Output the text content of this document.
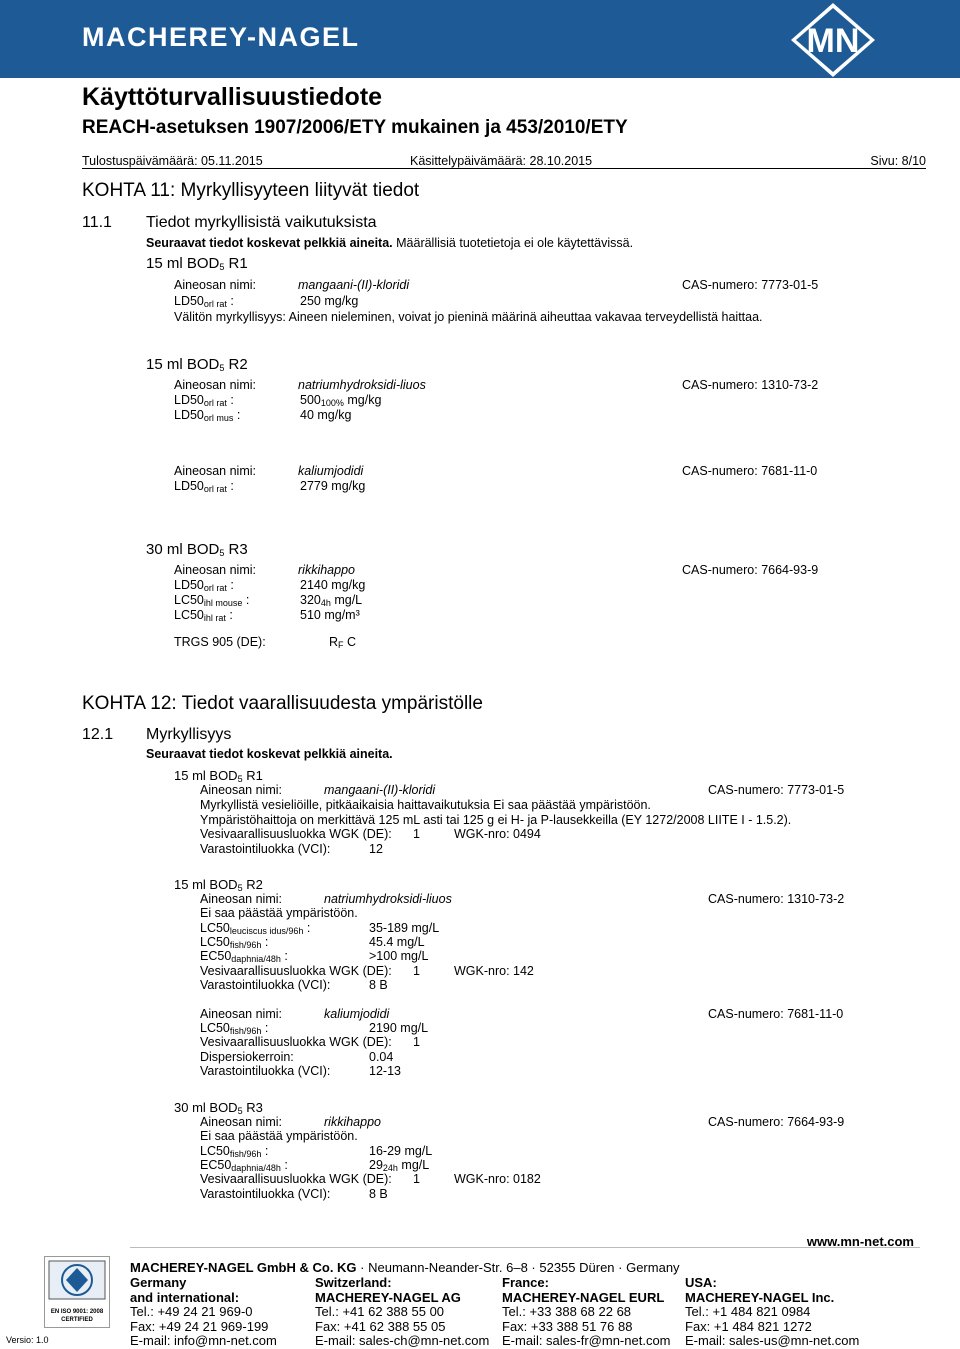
MACHEREY-NAGEL	MN
Käyttöturvallisuustiedote
REACH-asetuksen 1907/2006/ETY mukainen ja 453/2010/ETY
Tulostuspäivämäärä: 05.11.2015	Käsittelypäivämäärä: 28.10.2015	Sivu: 8/10
KOHTA 11: Myrkyllisyyteen liityvät tiedot
11.1 Tiedot myrkyllisistä vaikutuksista
Seuraavat tiedot koskevat pelkkiä aineita. Määrällisiä tuotetietoja ei ole käytettävissä.
15 ml $BOD_5$ R1
Aineosan nimi:	mangaani-(II)-kloridi	CAS-numero: 7773-01-5
$LD50_{orl rat}$ :	250 mg/kg
Välitön myrkyllisyys: Aineen nieleminen, voivat jo pieninä määrinä aiheuttaa vakavaa terveydellistä haittaa.
15 ml $BOD_5$ R2
Aineosan nimi:	natriumhydroksidi-liuos	CAS-numero: 1310-73-2
$LD50_{orl rat}$ :	$500_{100\%}$ mg/kg
$LD50_{orl mus}$ :	40 mg/kg
Aineosan nimi:	kaliumjodidi	CAS-numero: 7681-11-0
$LD50_{orl rat}$ :	2779 mg/kg
30 ml $BOD_5$ R3
Aineosan nimi:	rikkihappo	CAS-numero: 7664-93-9
$LD50_{orl rat}$ :	2140 mg/kg
$LC50_{ihl mouse}$ :	$320_{4h}$ mg/L
$LC50_{ihl rat}$ :	510 mg/m³
TRGS 905 (DE):	$R_F$ C
KOHTA 12: Tiedot vaarallisuudesta ympäristölle
12.1 Myrkyllisyys
Seuraavat tiedot koskevat pelkkiä aineita.
15 ml $BOD_5$ R1
Aineosan nimi:	mangaani-(II)-kloridi	CAS-numero: 7773-01-5
Myrkyllistä vesieliöille, pitkäaikaisia haittavaikutuksia Ei saa päästää ympäristöön.
Ympäristöhaittoja on merkittävä 125 mL asti tai 125 g ei H- ja P-lausekkeilla (EY 1272/2008 LIITE I - 1.5.2).
Vesivaarallisuusluokka WGK (DE): 1	WGK-nro: 0494
Varastointiluokka (VCI):	12
15 ml $BOD_5$ R2
Aineosan nimi:	natriumhydroksidi-liuos	CAS-numero: 1310-73-2
Ei saa päästää ympäristöön.
$LC50_{leuciscus idus/96h}$ :	35-189 mg/L
$LC50_{fish/96h}$ :	45.4 mg/L
$EC50_{daphnia/48h}$ :	>100 mg/L
Vesivaarallisuusluokka WGK (DE): 1	WGK-nro: 142
Varastointiluokka (VCI):	8 B
Aineosan nimi:	kaliumjodidi	CAS-numero: 7681-11-0
$LC50_{fish/96h}$ :	2190 mg/L
Vesivaarallisuusluokka WGK (DE): 1
Dispersiokerroin:	0.04
Varastointiluokka (VCI):	12-13
30 ml $BOD_5$ R3
Aineosan nimi:	rikkihappo	CAS-numero: 7664-93-9
Ei saa päästää ympäristöön.
$LC50_{fish/96h}$ :	16-29 mg/L
$EC50_{daphnia/48h}$ :	$29_{24h}$ mg/L
Vesivaarallisuusluokka WGK (DE): 1	WGK-nro: 0182
Varastointiluokka (VCI):	8 B
www.mn-net.com
EN ISO 9001: 2008
CERTIFIED
Versio: 1.0
MACHEREY-NAGEL GmbH & Co. KG · Neumann-Neander-Str. 6–8 · 52355 Düren · Germany
Germany
and international:
Tel.: +49 24 21 969-0
Fax: +49 24 21 969-199
E-mail: info@mn-net.com
Switzerland:
MACHEREY-NAGEL AG
Tel.: +41 62 388 55 00
Fax: +41 62 388 55 05
E-mail: sales-ch@mn-net.com
France:
MACHEREY-NAGEL EURL
Tel.: +33 388 68 22 68
Fax: +33 388 51 76 88
E-mail: sales-fr@mn-net.com
USA:
MACHEREY-NAGEL Inc.
Tel.: +1 484 821 0984
Fax: +1 484 821 1272
E-mail: sales-us@mn-net.com
